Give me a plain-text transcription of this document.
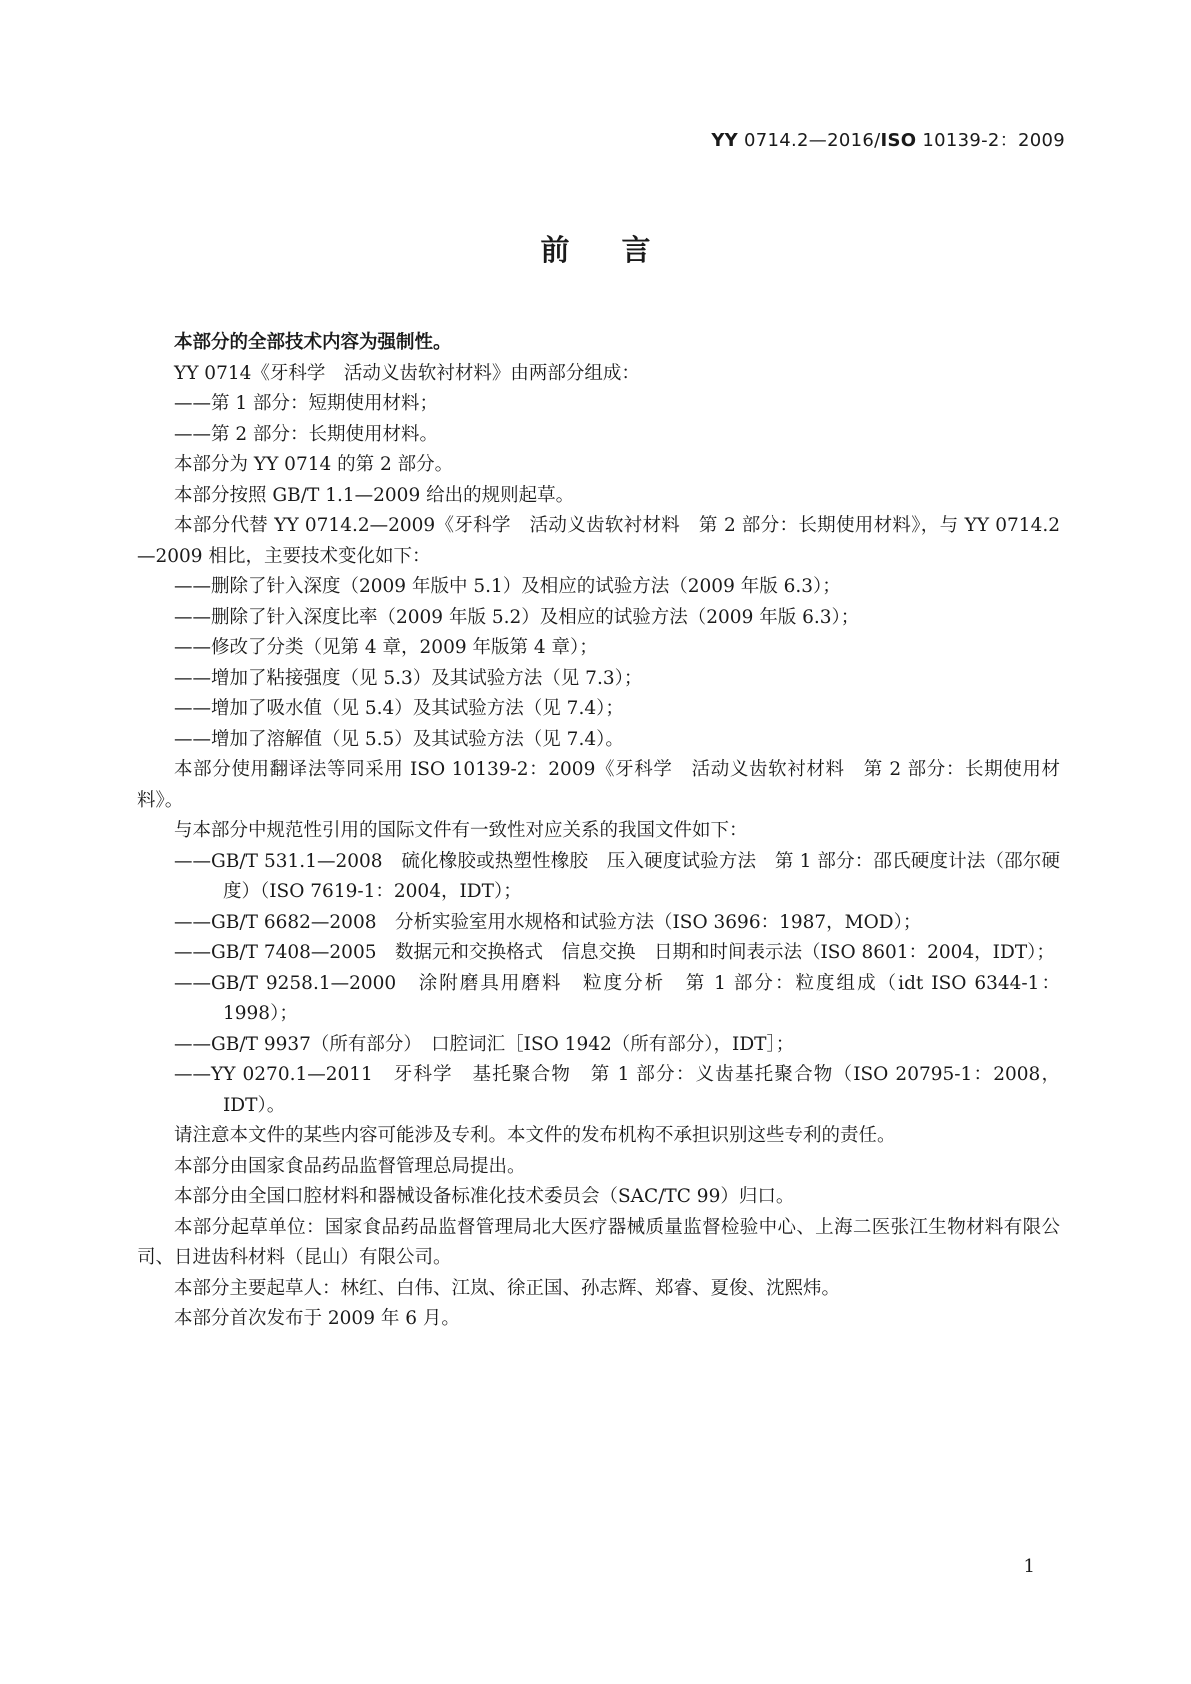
YY 0714.2—2016/ISO 10139-2：2009
前言
本部分的全部技术内容为强制性。
YY 0714《牙科学　活动义齿软衬材料》由两部分组成：
——第 1 部分：短期使用材料；
——第 2 部分：长期使用材料。
本部分为 YY 0714 的第 2 部分。
本部分按照 GB/T 1.1—2009 给出的规则起草。
本部分代替 YY 0714.2—2009《牙科学　活动义齿软衬材料　第 2 部分：长期使用材料》，与 YY 0714.2—2009 相比，主要技术变化如下：
——删除了针入深度（2009 年版中 5.1）及相应的试验方法（2009 年版 6.3）；
——删除了针入深度比率（2009 年版 5.2）及相应的试验方法（2009 年版 6.3）；
——修改了分类（见第 4 章，2009 年版第 4 章）；
——增加了粘接强度（见 5.3）及其试验方法（见 7.3）；
——增加了吸水值（见 5.4）及其试验方法（见 7.4）；
——增加了溶解值（见 5.5）及其试验方法（见 7.4）。
本部分使用翻译法等同采用 ISO 10139-2：2009《牙科学　活动义齿软衬材料　第 2 部分：长期使用材料》。
与本部分中规范性引用的国际文件有一致性对应关系的我国文件如下：
——GB/T 531.1—2008　硫化橡胶或热塑性橡胶　压入硬度试验方法　第 1 部分：邵氏硬度计法（邵尔硬度）（ISO 7619-1：2004，IDT）；
——GB/T 6682—2008　分析实验室用水规格和试验方法（ISO 3696：1987，MOD）；
——GB/T 7408—2005　数据元和交换格式　信息交换　日期和时间表示法（ISO 8601：2004，IDT）；
——GB/T 9258.1—2000　涂附磨具用磨料　粒度分析　第 1 部分：粒度组成（idt ISO 6344-1：1998）；
——GB/T 9937（所有部分）　口腔词汇［ISO 1942（所有部分），IDT］；
——YY 0270.1—2011　牙科学　基托聚合物　第 1 部分：义齿基托聚合物（ISO 20795-1：2008，IDT）。
请注意本文件的某些内容可能涉及专利。本文件的发布机构不承担识别这些专利的责任。
本部分由国家食品药品监督管理总局提出。
本部分由全国口腔材料和器械设备标准化技术委员会（SAC/TC 99）归口。
本部分起草单位：国家食品药品监督管理局北大医疗器械质量监督检验中心、上海二医张江生物材料有限公司、日进齿科材料（昆山）有限公司。
本部分主要起草人：林红、白伟、江岚、徐正国、孙志辉、郑睿、夏俊、沈熙炜。
本部分首次发布于 2009 年 6 月。
1
